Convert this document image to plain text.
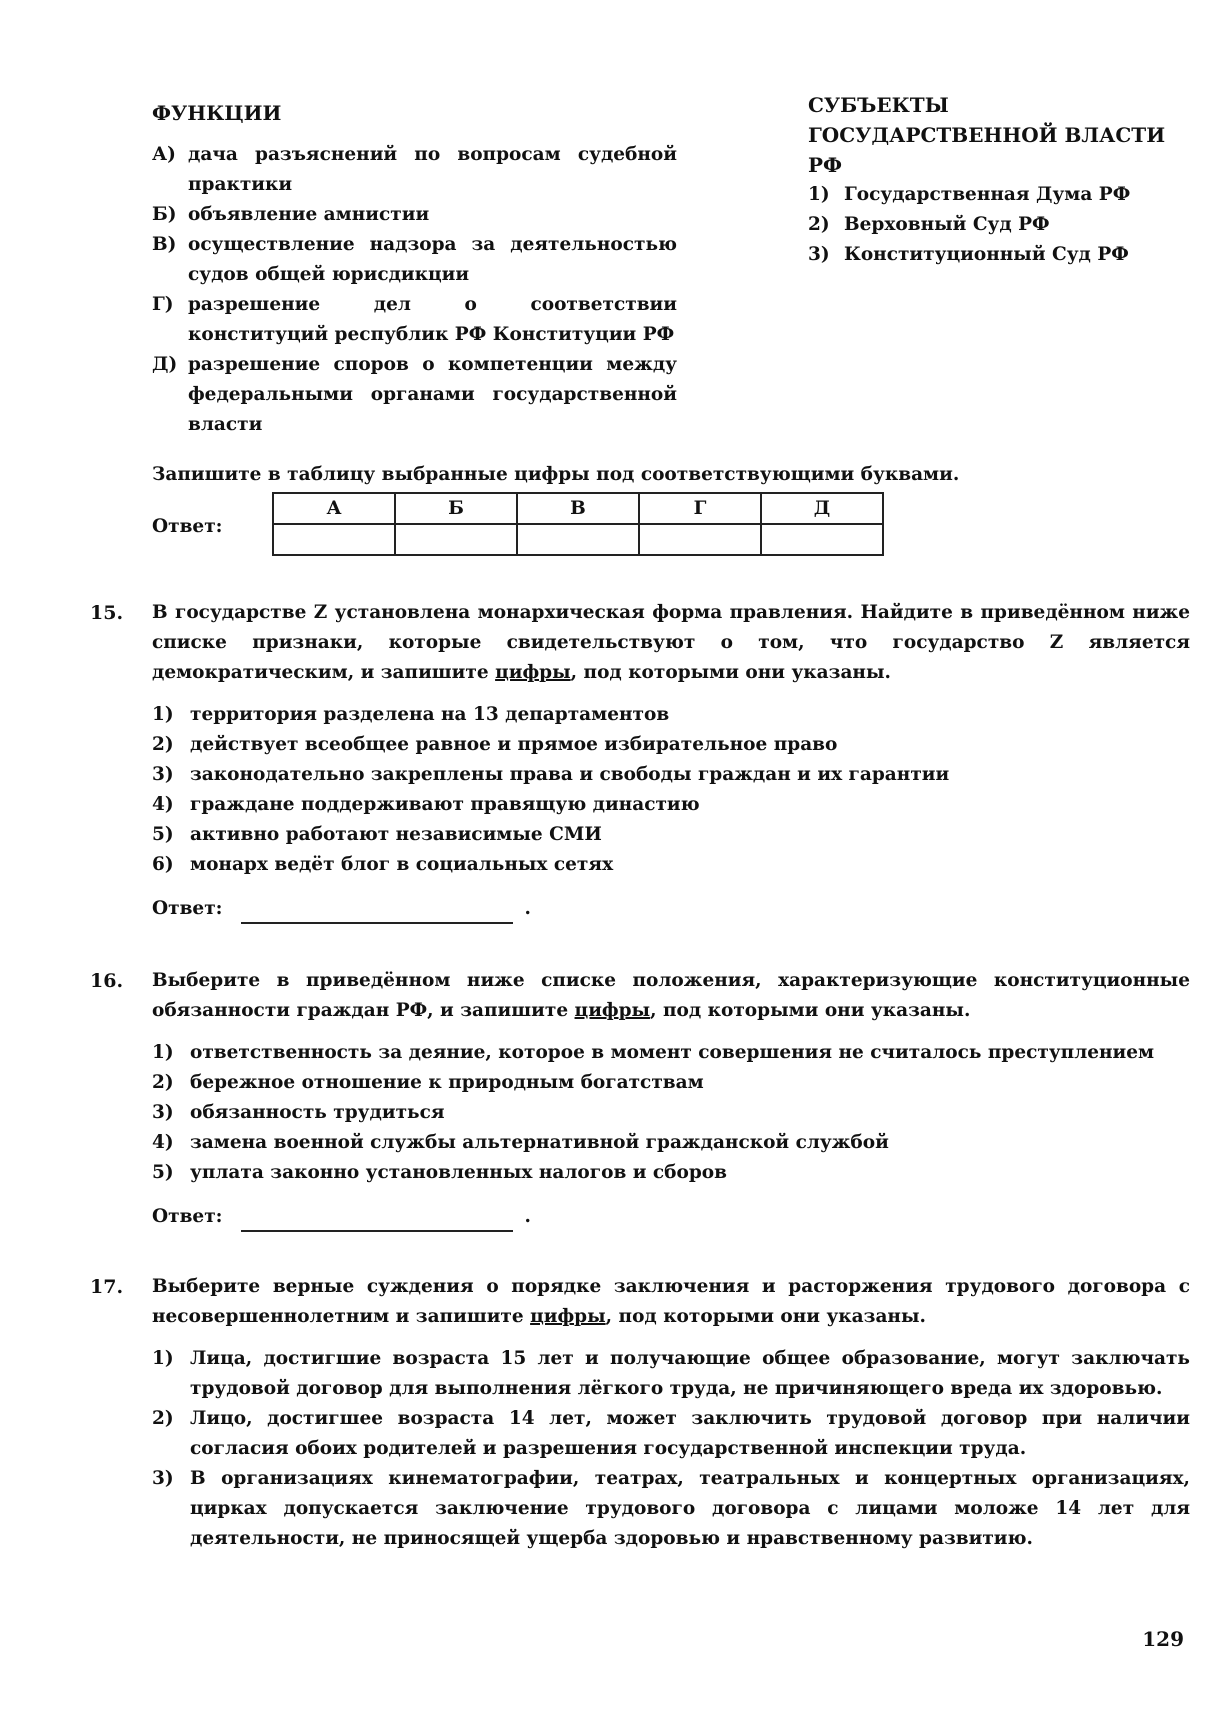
ФУНКЦИИ
А) дача разъяснений по вопросам судебной практики
Б) объявление амнистии
В) осуществление надзора за деятельностью судов общей юрисдикции
Г) разрешение дел о соответствии конституций республик РФ Конституции РФ
Д) разрешение споров о компетенции между федеральными органами государственной власти
СУБЪЕКТЫ ГОСУДАРСТВЕННОЙ ВЛАСТИ РФ
1) Государственная Дума РФ
2) Верховный Суд РФ
3) Конституционный Суд РФ
Запишите в таблицу выбранные цифры под соответствующими буквами.
Ответ:
А	Б	В	Г	Д

15. В государстве Z установлена монархическая форма правления. Найдите в приведённом ниже списке признаки, которые свидетельствуют о том, что государство Z является демократическим, и запишите цифры, под которыми они указаны.
1) территория разделена на 13 департаментов
2) действует всеобщее равное и прямое избирательное право
3) законодательно закреплены права и свободы граждан и их гарантии
4) граждане поддерживают правящую династию
5) активно работают независимые СМИ
6) монарх ведёт блог в социальных сетях
Ответ:	.
16. Выберите в приведённом ниже списке положения, характеризующие конституционные обязанности граждан РФ, и запишите цифры, под которыми они указаны.
1) ответственность за деяние, которое в момент совершения не считалось преступлением
2) бережное отношение к природным богатствам
3) обязанность трудиться
4) замена военной службы альтернативной гражданской службой
5) уплата законно установленных налогов и сборов
Ответ:	.
17. Выберите верные суждения о порядке заключения и расторжения трудового договора с несовершеннолетним и запишите цифры, под которыми они указаны.
1) Лица, достигшие возраста 15 лет и получающие общее образование, могут заключать трудовой договор для выполнения лёгкого труда, не причиняющего вреда их здоровью.
2) Лицо, достигшее возраста 14 лет, может заключить трудовой договор при наличии согласия обоих родителей и разрешения государственной инспекции труда.
3) В организациях кинематографии, театрах, театральных и концертных организациях, цирках допускается заключение трудового договора с лицами моложе 14 лет для деятельности, не приносящей ущерба здоровью и нравственному развитию.
129
